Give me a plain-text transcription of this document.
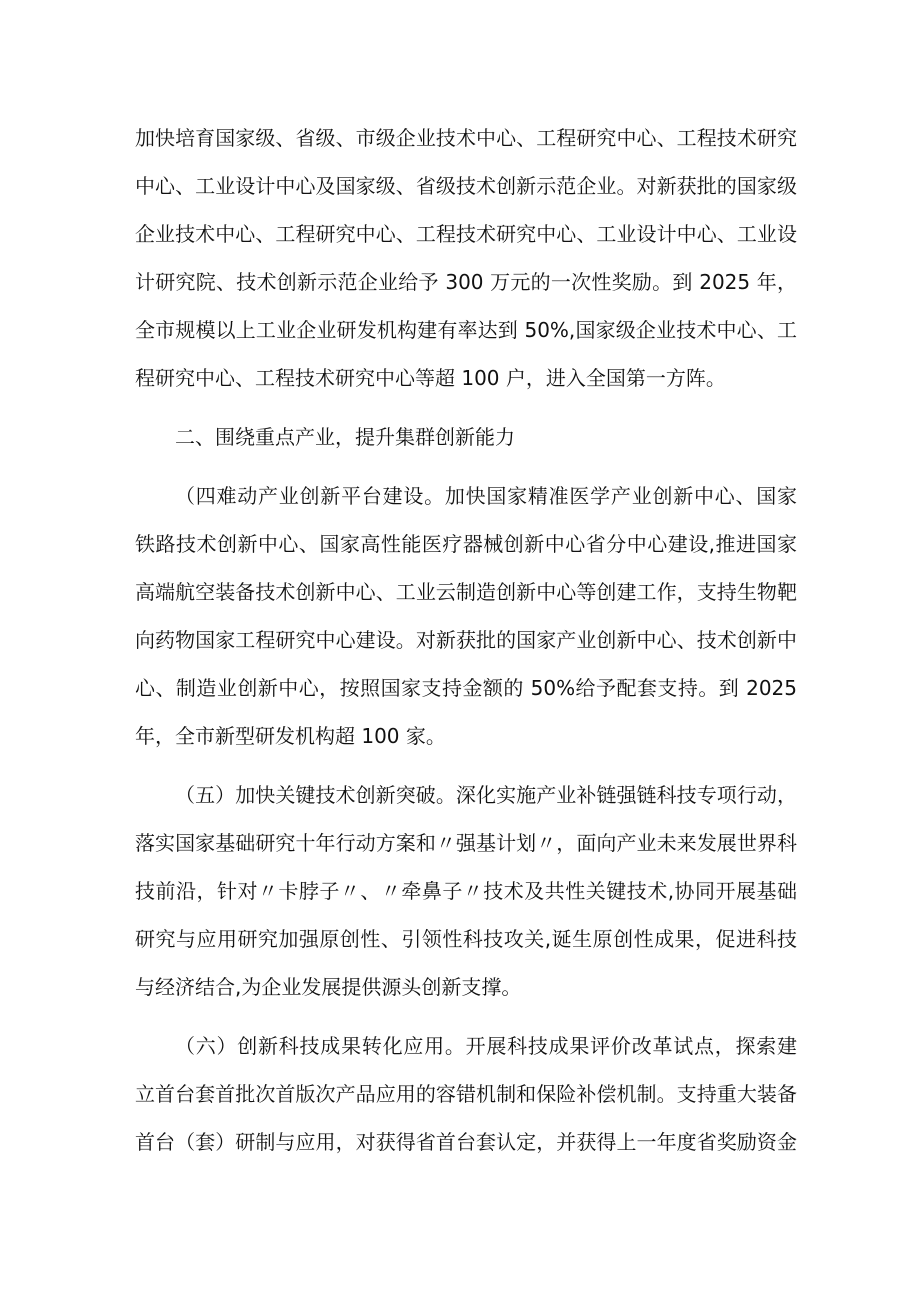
加快培育国家级、省级、市级企业技术中心、工程研究中心、工程技术研究
中心、工业设计中心及国家级、省级技术创新示范企业。对新获批的国家级
企业技术中心、工程研究中心、工程技术研究中心、工业设计中心、工业设
计研究院、技术创新示范企业给予 300 万元的一次性奖励。到 2025 年，
全市规模以上工业企业研发机构建有率达到 50%,国家级企业技术中心、工
程研究中心、工程技术研究中心等超 100 户，进入全国第一方阵。
二、围绕重点产业，提升集群创新能力
（四难动产业创新平台建设。加快国家精准医学产业创新中心、国家
铁路技术创新中心、国家高性能医疗器械创新中心省分中心建设,推进国家
高端航空装备技术创新中心、工业云制造创新中心等创建工作，支持生物靶
向药物国家工程研究中心建设。对新获批的国家产业创新中心、技术创新中
心、制造业创新中心，按照国家支持金额的 50%给予配套支持。到 2025
年，全市新型研发机构超 100 家。
（五）加快关键技术创新突破。深化实施产业补链强链科技专项行动，
落实国家基础研究十年行动方案和〃强基计划〃，面向产业未来发展世界科
技前沿，针对〃卡脖子〃、〃牵鼻子〃技术及共性关键技术,协同开展基础
研究与应用研究加强原创性、引领性科技攻关,诞生原创性成果，促进科技
与经济结合,为企业发展提供源头创新支撑。
（六）创新科技成果转化应用。开展科技成果评价改革试点，探索建
立首台套首批次首版次产品应用的容错机制和保险补偿机制。支持重大装备
首台（套）研制与应用，对获得省首台套认定，并获得上一年度省奖励资金
